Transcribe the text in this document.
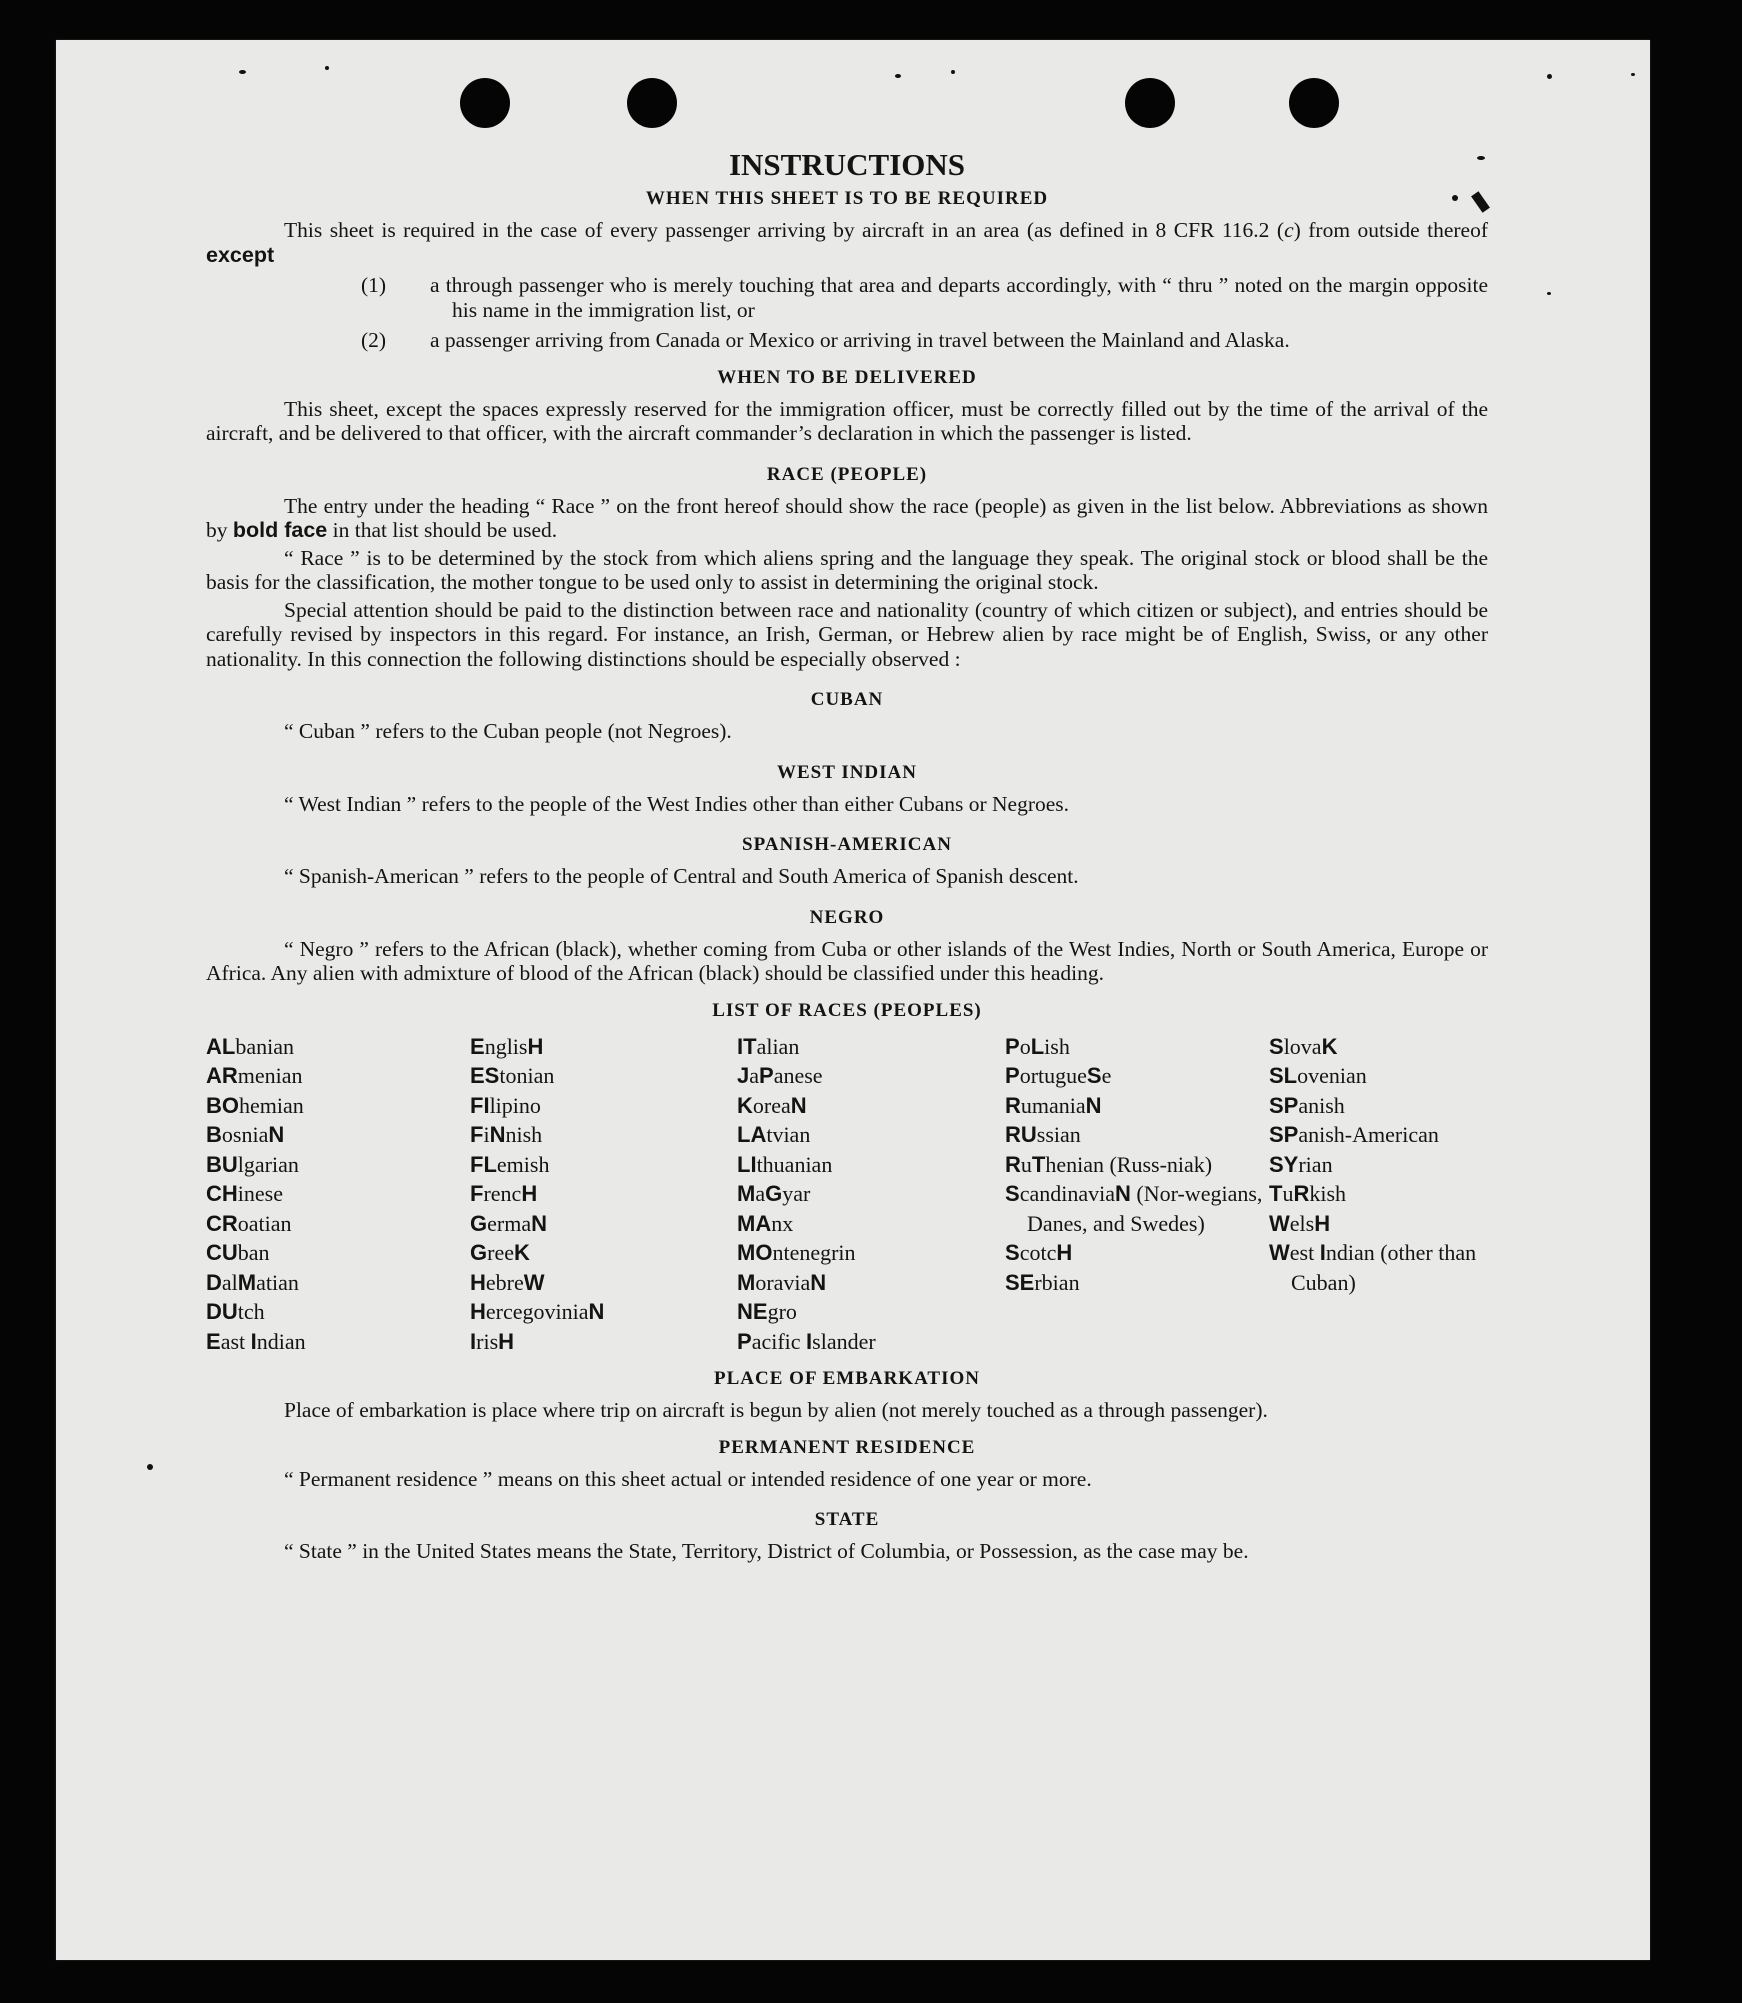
INSTRUCTIONS
WHEN THIS SHEET IS TO BE REQUIRED

This sheet is required in the case of every passenger arriving by aircraft in an area (as defined in 8 CFR 116.2 (c) from outside thereof except

(1) a through passenger who is merely touching that area and departs accordingly, with “ thru ” noted on the margin opposite his name in the immigration list, or

(2) a passenger arriving from Canada or Mexico or arriving in travel between the Mainland and Alaska.

WHEN TO BE DELIVERED

This sheet, except the spaces expressly reserved for the immigration officer, must be correctly filled out by the time of the arrival of the aircraft, and be delivered to that officer, with the aircraft commander’s declaration in which the passenger is listed.

RACE (PEOPLE)

The entry under the heading “ Race ” on the front hereof should show the race (people) as given in the list below. Abbreviations as shown by bold face in that list should be used.

“ Race ” is to be determined by the stock from which aliens spring and the language they speak. The original stock or blood shall be the basis for the classification, the mother tongue to be used only to assist in determining the original stock.

Special attention should be paid to the distinction between race and nationality (country of which citizen or subject), and entries should be carefully revised by inspectors in this regard. For instance, an Irish, German, or Hebrew alien by race might be of English, Swiss, or any other nationality. In this connection the following distinctions should be especially observed :

CUBAN

“ Cuban ” refers to the Cuban people (not Negroes).

WEST INDIAN

“ West Indian ” refers to the people of the West Indies other than either Cubans or Negroes.

SPANISH-AMERICAN

“ Spanish-American ” refers to the people of Central and South America of Spanish descent.

NEGRO

“ Negro ” refers to the African (black), whether coming from Cuba or other islands of the West Indies, North or South America, Europe or Africa. Any alien with admixture of blood of the African (black) should be classified under this heading.

LIST OF RACES (PEOPLES)
ALbanian
ARmenian
BOhemian
BosniaN
BUlgarian
CHinese
CRoatian
CUban
DalMatian
DUtch
East Indian
EnglisH
EStonian
FIlipino
FiNnish
FLemish
FrencH
GermaN
GreeK
HebreW
HercegoviniaN
IrisH
ITalian
JaPanese
KoreaN
LAtvian
LIthuanian
MaGyar
MAnx
MOntenegrin
MoraviaN
NEgro
Pacific Islander
PoLish
PortugueSe
RumaniaN
RUssian
RuThenian (Russ-niak)
ScandinaviaN (Nor-wegians, Danes, and Swedes)
ScotcH
SErbian
SlovaK
SLovenian
SPanish
SPanish-American
SYrian
TuRkish
WelsH
West Indian (other than Cuban)
PLACE OF EMBARKATION

Place of embarkation is place where trip on aircraft is begun by alien (not merely touched as a through passenger).

PERMANENT RESIDENCE

“ Permanent residence ” means on this sheet actual or intended residence of one year or more.

STATE

“ State ” in the United States means the State, Territory, District of Columbia, or Possession, as the case may be.
